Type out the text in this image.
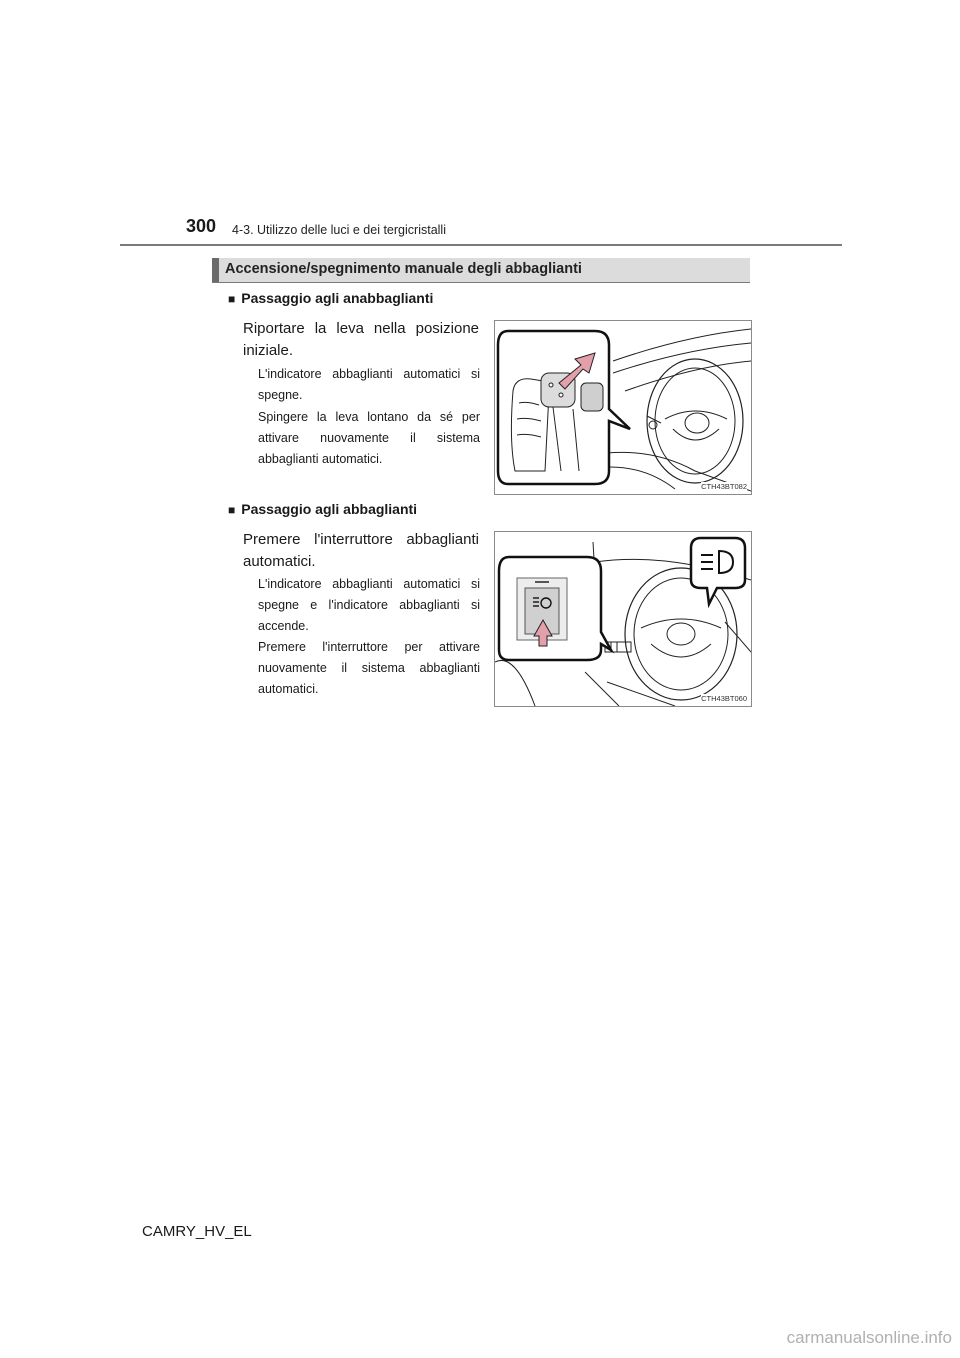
300 4-3. Utilizzo delle luci e dei tergicristalli
Accensione/spegnimento manuale degli abbaglianti
■ Passaggio agli anabbaglianti
Riportare la leva nella posizione iniziale.
L'indicatore abbaglianti automatici si spegne.
Spingere la leva lontano da sé per attivare nuovamente il sistema abbaglianti automatici.
CTH43BT082
■ Passaggio agli abbaglianti
Premere l'interruttore abbaglianti automatici.
L'indicatore abbaglianti automatici si spegne e l'indicatore abbaglianti si accende.
Premere l'interruttore per attivare nuovamente il sistema abbaglianti automatici.
CTH43BT060
CAMRY_HV_EL
carmanualsonline.info
